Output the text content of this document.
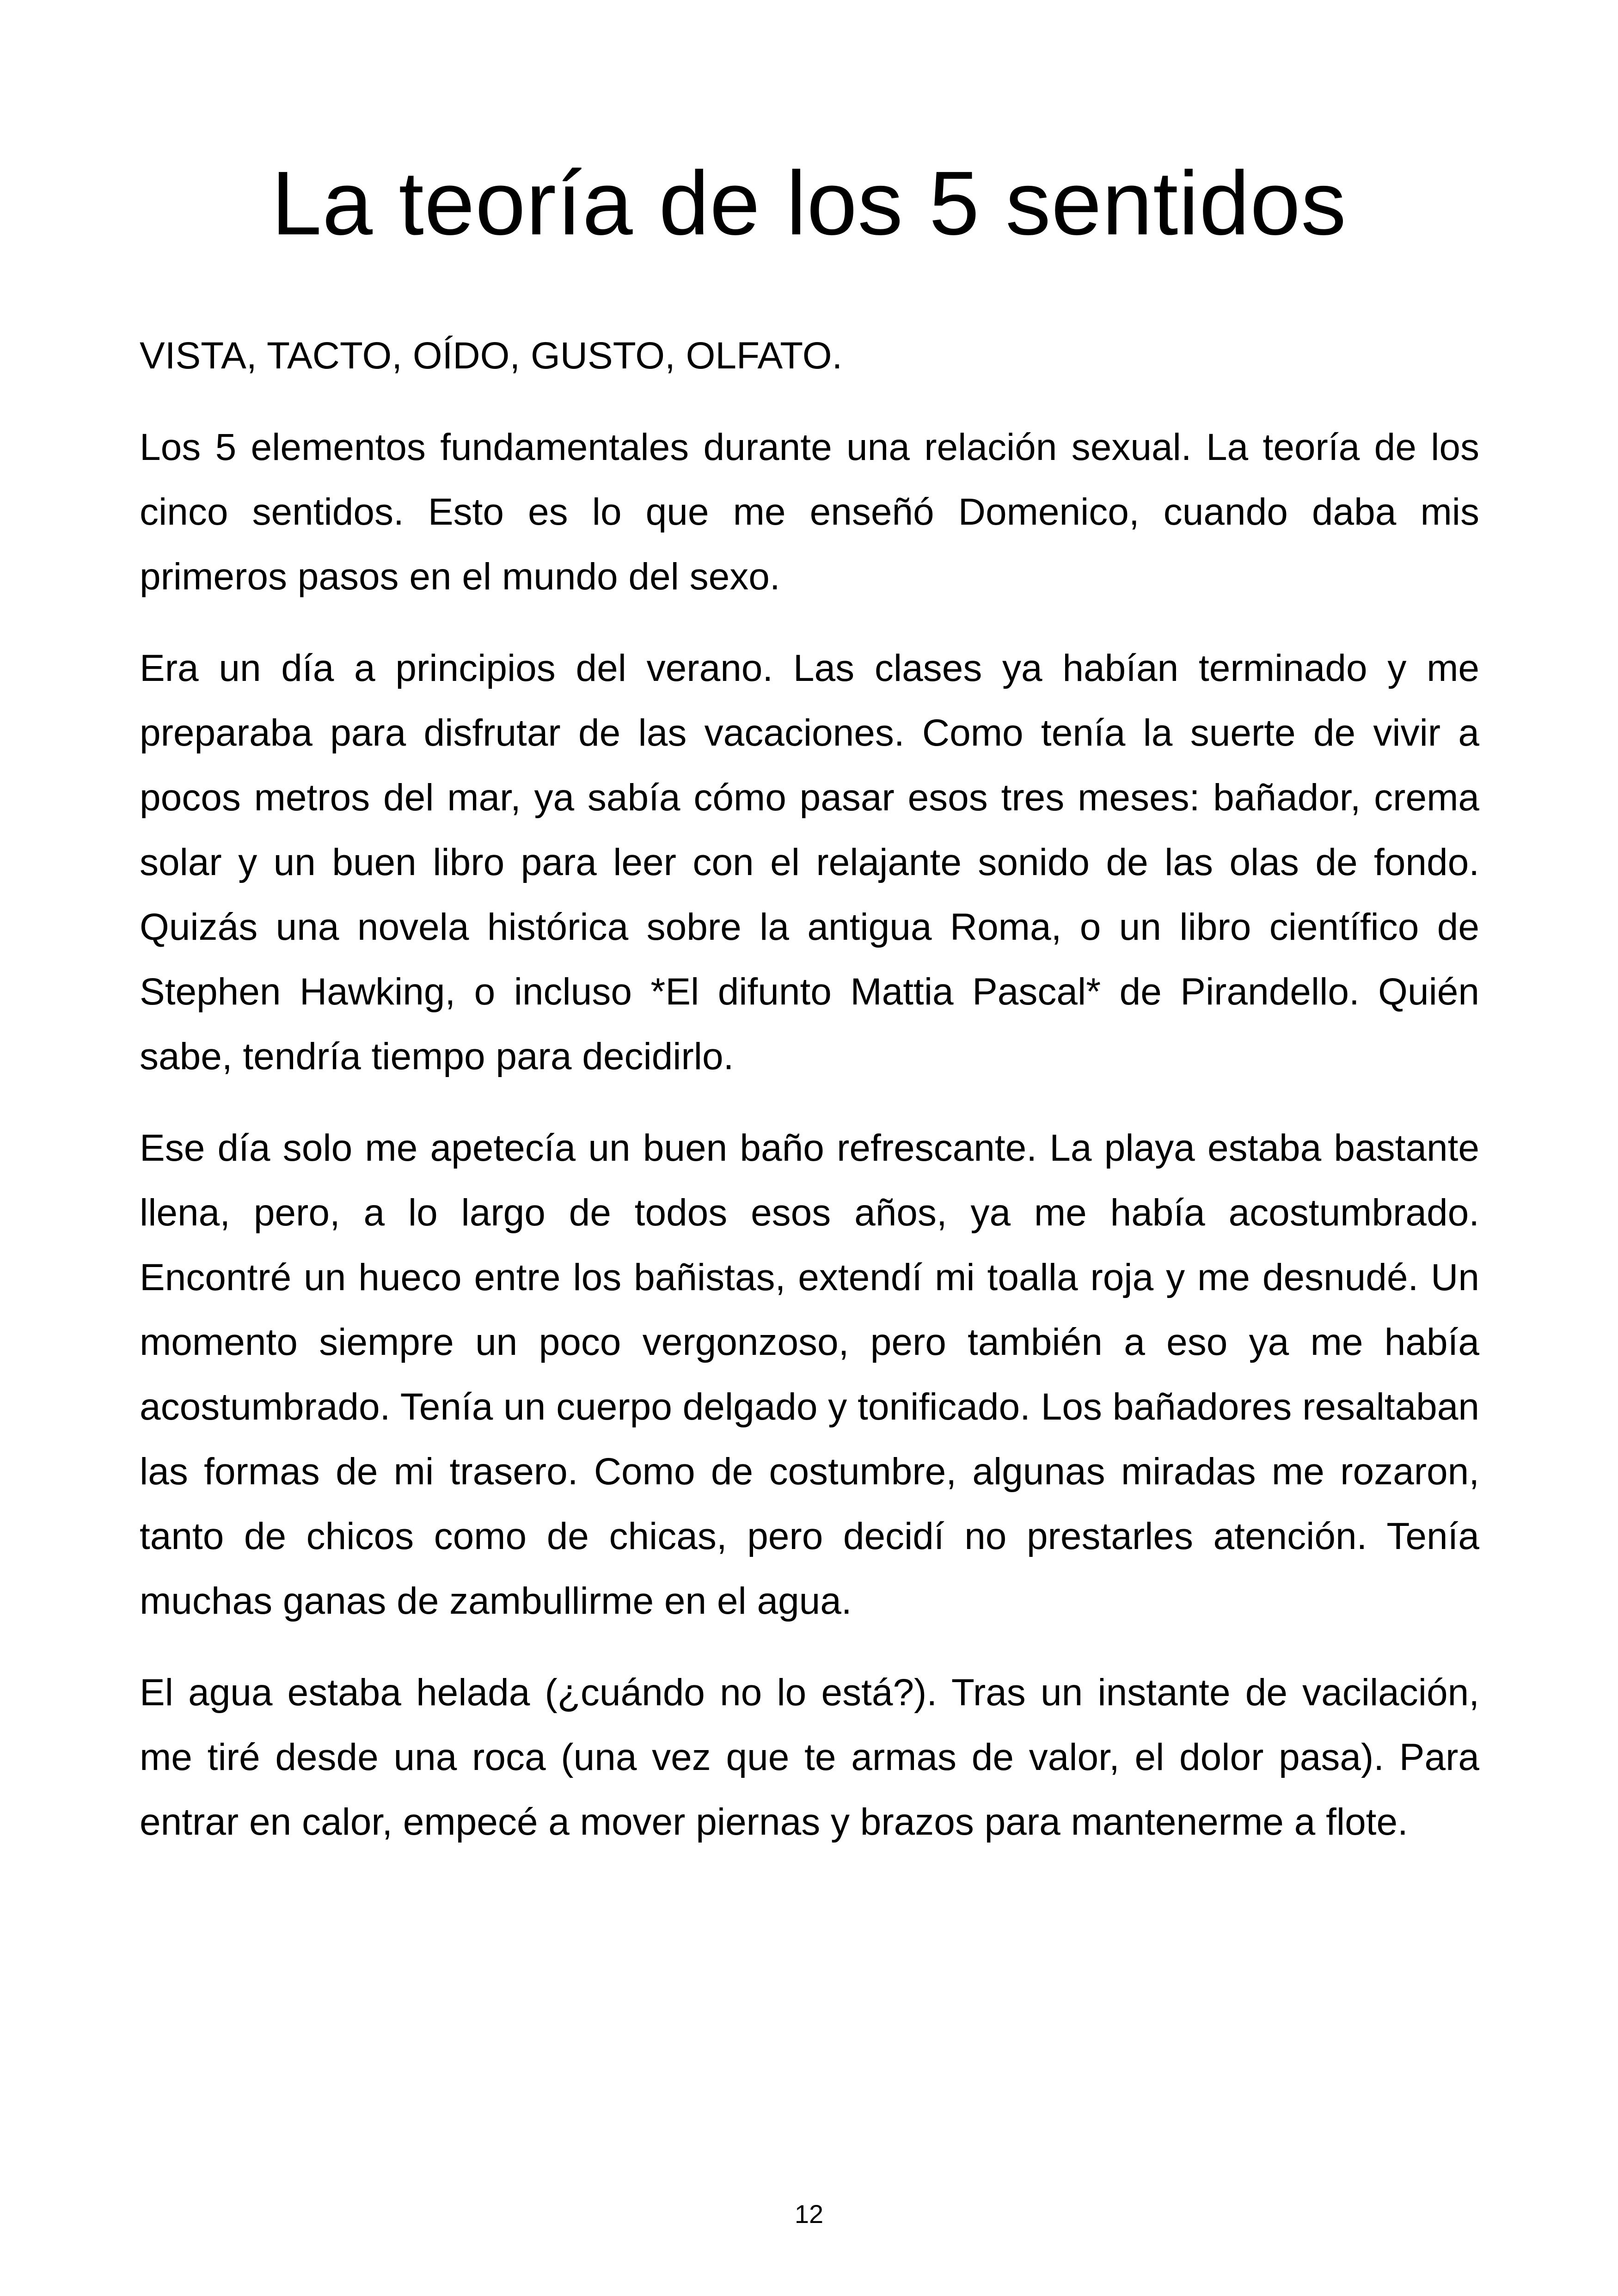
La teoría de los 5 sentidos

VISTA, TACTO, OÍDO, GUSTO, OLFATO.

Los 5 elementos fundamentales durante una relación sexual. La teoría de los cinco sentidos. Esto es lo que me enseñó Domenico, cuando daba mis primeros pasos en el mundo del sexo.

Era un día a principios del verano. Las clases ya habían terminado y me preparaba para disfrutar de las vacaciones. Como tenía la suerte de vivir a pocos metros del mar, ya sabía cómo pasar esos tres meses: bañador, crema solar y un buen libro para leer con el relajante sonido de las olas de fondo. Quizás una novela histórica sobre la antigua Roma, o un libro científico de Stephen Hawking, o incluso *El difunto Mattia Pascal* de Pirandello. Quién sabe, tendría tiempo para decidirlo.

Ese día solo me apetecía un buen baño refrescante. La playa estaba bastante llena, pero, a lo largo de todos esos años, ya me había acostumbrado. Encontré un hueco entre los bañistas, extendí mi toalla roja y me desnudé. Un momento siempre un poco vergonzoso, pero también a eso ya me había acostumbrado. Tenía un cuerpo delgado y tonificado. Los bañadores resaltaban las formas de mi trasero. Como de costumbre, algunas miradas me rozaron, tanto de chicos como de chicas, pero decidí no prestarles atención. Tenía muchas ganas de zambullirme en el agua.

El agua estaba helada (¿cuándo no lo está?). Tras un instante de vacilación, me tiré desde una roca (una vez que te armas de valor, el dolor pasa). Para entrar en calor, empecé a mover piernas y brazos para mantenerme a flote.

12
